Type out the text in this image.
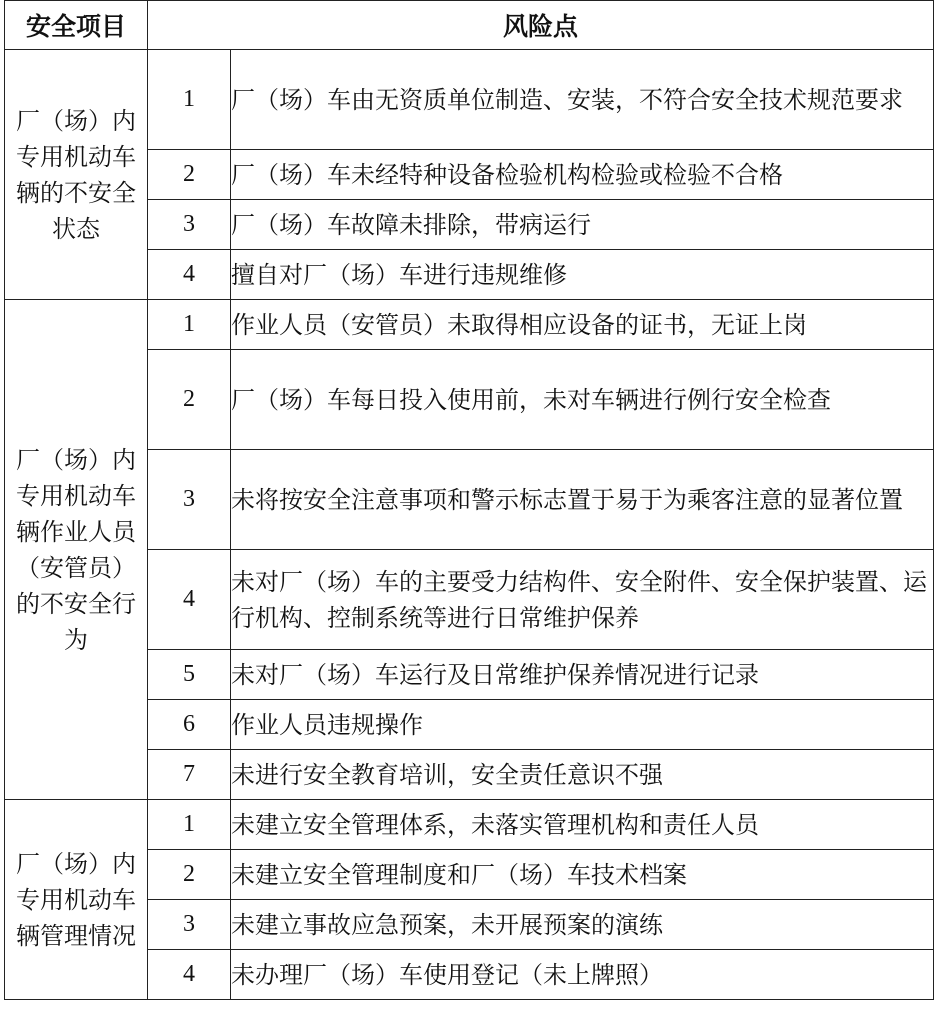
安全项目	风险点	
厂（场）内专用机动车辆的不安全状态	1	厂（场）车由无资质单位制造、安装，不符合安全技术规范要求
	2	厂（场）车未经特种设备检验机构检验或检验不合格
	3	厂（场）车故障未排除，带病运行
	4	擅自对厂（场）车进行违规维修
厂（场）内专用机动车辆作业人员（安管员）的不安全行为	1	作业人员（安管员）未取得相应设备的证书，无证上岗
	2	厂（场）车每日投入使用前，未对车辆进行例行安全检查
	3	未将按安全注意事项和警示标志置于易于为乘客注意的显著位置
	4	未对厂（场）车的主要受力结构件、安全附件、安全保护装置、运行机构、控制系统等进行日常维护保养
	5	未对厂（场）车运行及日常维护保养情况进行记录
	6	作业人员违规操作
	7	未进行安全教育培训，安全责任意识不强
厂（场）内专用机动车辆管理情况	1	未建立安全管理体系，未落实管理机构和责任人员
	2	未建立安全管理制度和厂（场）车技术档案
	3	未建立事故应急预案，未开展预案的演练
	4	未办理厂（场）车使用登记（未上牌照）
